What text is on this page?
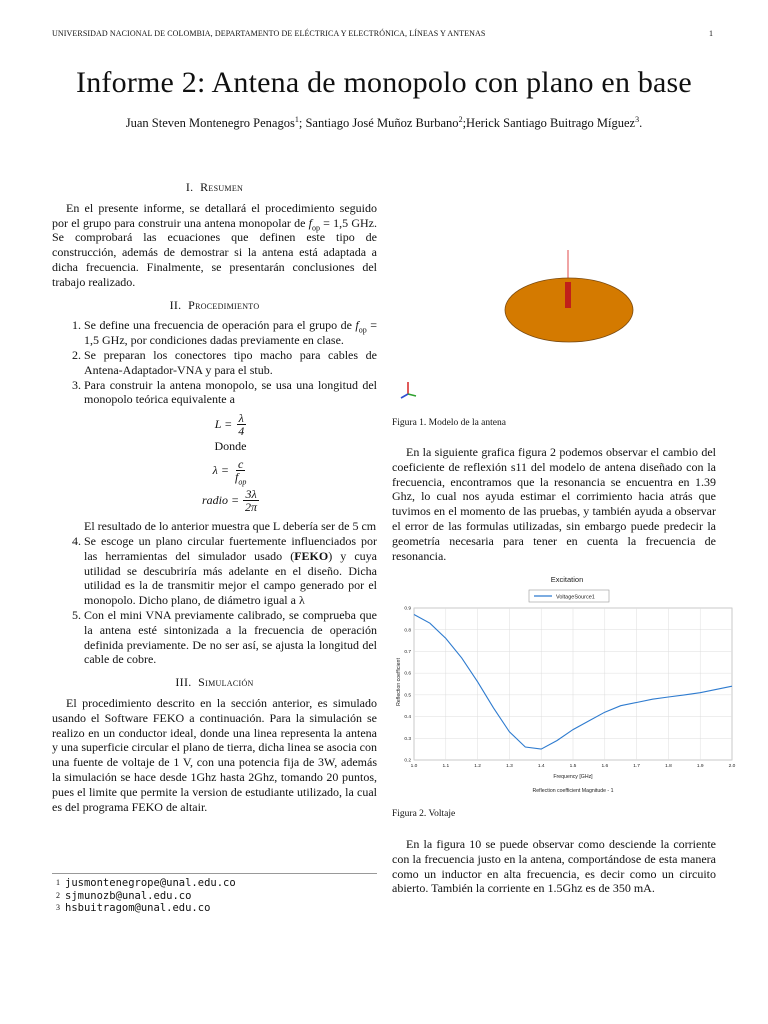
UNIVERSIDAD NACIONAL DE COLOMBIA, DEPARTAMENTO DE ELÉCTRICA Y ELECTRÓNICA, LÍNEAS Y ANTENAS	1
Informe 2: Antena de monopolo con plano en base
Juan Steven Montenegro Penagos$^1$; Santiago José Muñoz Burbano$^2$;Herick Santiago Buitrago Míguez$^3$.
I. Resumen

En el presente informe, se detallará el procedimiento seguido por el grupo para construir una antena monopolar de $f_{op} = 1,5$ GHz. Se comprobará las ecuaciones que definen este tipo de construcción, además de demostrar si la antena está adaptada a dicha frecuencia. Finalmente, se presentarán conclusiones del trabajo realizado.

II. Procedimiento
1. Se define una frecuencia de operación para el grupo de $f_{op} = 1,5$ GHz, por condiciones dadas previamente en clase.
2. Se preparan los conectores tipo macho para cables de Antena-Adaptador-VNA y para el stub.
3. Para construir la antena monopolo, se usa una longitud del monopolo teórica equivalente a
$L = \frac{\lambda}{4}$
Donde
$\lambda = \frac{c}{f_{op}}$
radio = $\frac{3\lambda}{2\pi}$
El resultado de lo anterior muestra que L debería ser de 5 cm
4. Se escoge un plano circular fuertemente influenciados por las herramientas del simulador usado (FEKO) y cuya utilidad se descubriría más adelante en el diseño. Dicha utilidad es la de transmitir mejor el campo generado por el monopolo. Dicho plano, de diámetro igual a λ
5. Con el mini VNA previamente calibrado, se comprueba que la antena esté sintonizada a la frecuencia de operación definida previamente. De no ser así, se ajusta la longitud del cable de cobre.
III. Simulación

El procedimiento descrito en la sección anterior, es simulado usando el Software FEKO a continuación. Para la simulación se realizo en un conductor ideal, donde una linea representa la antena y una superficie circular el plano de tierra, dicha linea se asocia con una fuente de voltaje de 1 V, con una potencia fija de 3W, además la simulación se hace desde 1Ghz hasta 2Ghz, tomando 20 puntos, pues el limite que permite la version de estudiante utilizado, la cual es del programa FEKO de altair.

1 jusmontenegrope@unal.edu.co
2 sjmunozb@unal.edu.co
3 hsbuitragom@unal.edu.co
Figura 1. Modelo de la antena

En la siguiente grafica figura 2 podemos observar el cambio del coeficiente de reflexión s11 del modelo de antena diseñado con la frecuencia, encontramos que la resonancia se encuentra en 1.39 Ghz, lo cual nos ayuda estimar el corrimiento hacia atrás que tuvimos en el momento de las pruebas, y también ayuda a observar el error de las formulas utilizadas, sin embargo puede predecir la geometría necesaria para tener en cuenta la frecuencia de resonancia.

Excitation
VoltageSource1
1.0	1.1	1.2	1.3	1.4	1.5	1.6	1.7	1.8	1.9	2.0
0.2
0.3
0.4
0.5
0.6
0.7
0.8
0.9
Reflection coefficient
Frequency [GHz]
Reflection coefficient Magnitude - 1
Figura 2. Voltaje

En la figura 10 se puede observar como desciende la corriente con la frecuencia justo en la antena, comportándose de esta manera como un inductor en alta frecuencia, es decir como un circuito abierto. También la corriente en 1.5Ghz es de 350 mA.
